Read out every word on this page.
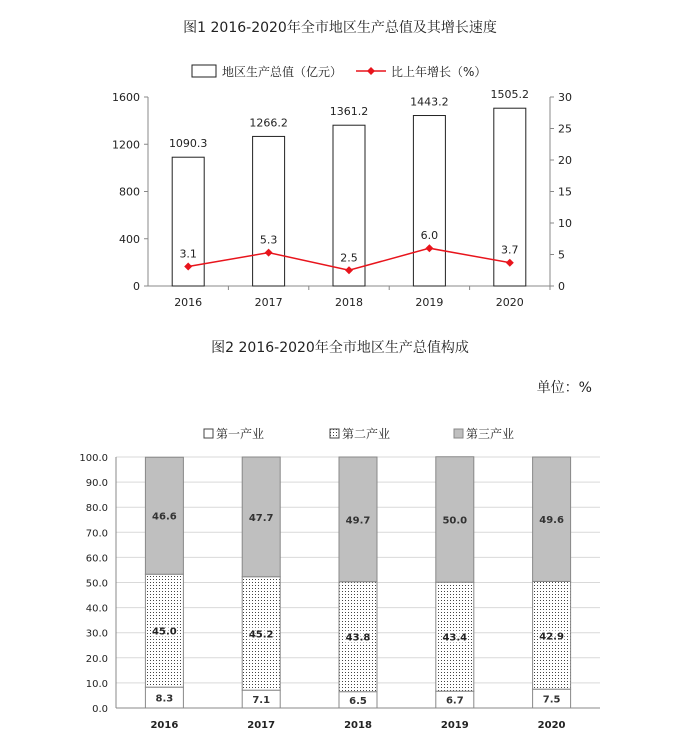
图1 2016-2020年全市地区生产总值及其增长速度
地区生产总值（亿元）	比上年增长（%）
0
400
800
1200
1600
0
5
10
15
20
25
30
2016	2017	2018	2019	2020
1090.3
1266.2
1361.2
1443.2
1505.2
3.1
5.3
2.5
6.0
3.7
图2 2016-2020年全市地区生产总值构成
单位：%
第一产业	第二产业	第三产业
8.3
45.0
46.6
7.1
45.2
47.7
6.5
43.8
49.7
6.7
43.4
50.0
7.5
42.9
49.6
0.0
10.0
20.0
30.0
40.0
50.0
60.0
70.0
80.0
90.0
100.0
2016	2017	2018	2019	2020
